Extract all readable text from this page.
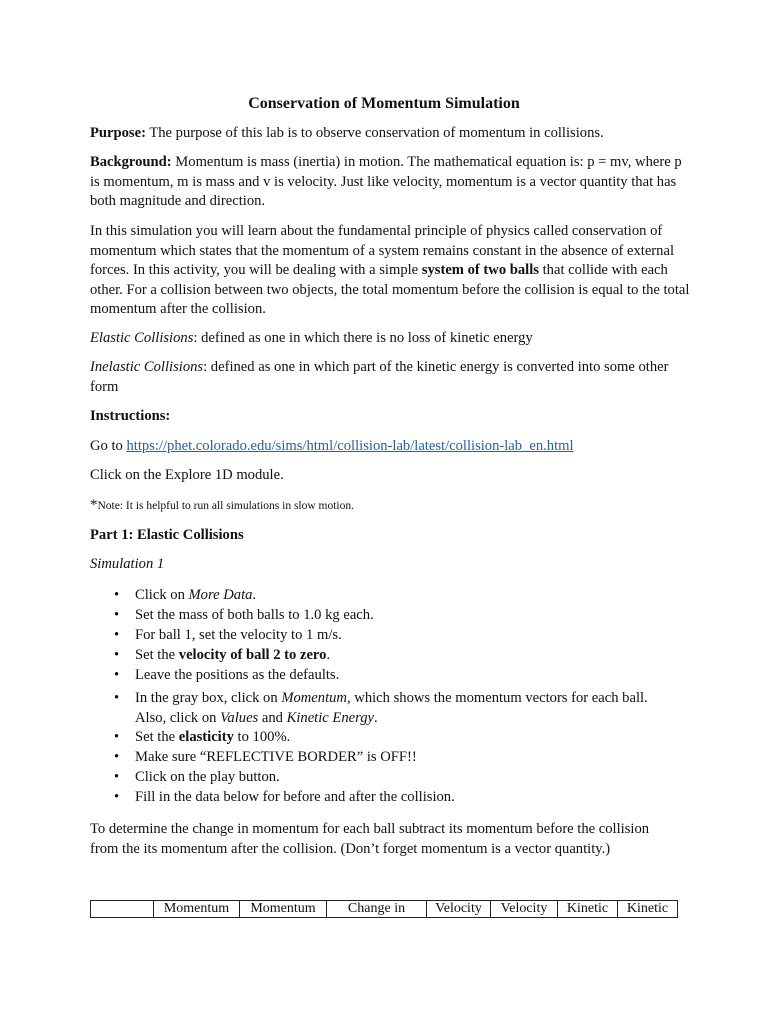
Conservation of Momentum Simulation
Purpose: The purpose of this lab is to observe conservation of momentum in collisions.
Background: Momentum is mass (inertia) in motion. The mathematical equation is: p = mv, where p is momentum, m is mass and v is velocity. Just like velocity, momentum is a vector quantity that has both magnitude and direction.
In this simulation you will learn about the fundamental principle of physics called conservation of momentum which states that the momentum of a system remains constant in the absence of external forces. In this activity, you will be dealing with a simple system of two balls that collide with each other. For a collision between two objects, the total momentum before the collision is equal to the total momentum after the collision.
Elastic Collisions: defined as one in which there is no loss of kinetic energy
Inelastic Collisions: defined as one in which part of the kinetic energy is converted into some other form
Instructions:
Go to https://phet.colorado.edu/sims/html/collision-lab/latest/collision-lab_en.html
Click on the Explore 1D module.
*Note: It is helpful to run all simulations in slow motion.
Part 1: Elastic Collisions
Simulation 1
• Click on More Data.
• Set the mass of both balls to 1.0 kg each.
• For ball 1, set the velocity to 1 m/s.
• Set the velocity of ball 2 to zero.
• Leave the positions as the defaults.
• In the gray box, click on Momentum, which shows the momentum vectors for each ball. Also, click on Values and Kinetic Energy.
• Set the elasticity to 100%.
• Make sure “REFLECTIVE BORDER” is OFF!!
• Click on the play button.
• Fill in the data below for before and after the collision.
To determine the change in momentum for each ball subtract its momentum before the collision from the its momentum after the collision. (Don’t forget momentum is a vector quantity.)
	Momentum	Momentum	Change in	Velocity	Velocity	Kinetic	Kinetic
